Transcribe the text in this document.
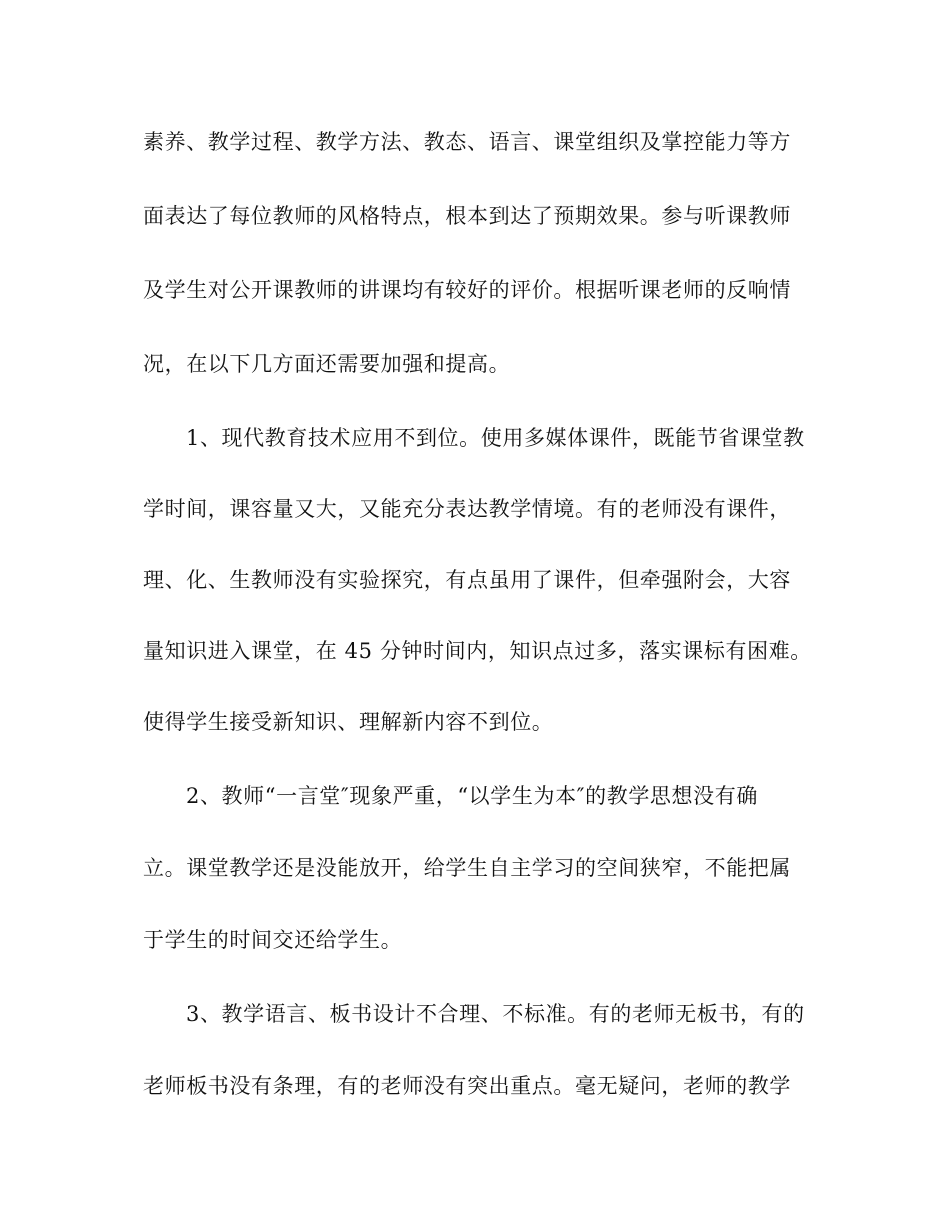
素养、教学过程、教学方法、教态、语言、课堂组织及掌控能力等方
面表达了每位教师的风格特点，根本到达了预期效果。参与听课教师
及学生对公开课教师的讲课均有较好的评价。根据听课老师的反响情
况，在以下几方面还需要加强和提高。
1、现代教育技术应用不到位。使用多媒体课件，既能节省课堂教
学时间，课容量又大，又能充分表达教学情境。有的老师没有课件，
理、化、生教师没有实验探究，有点虽用了课件，但牵强附会，大容
量知识进入课堂，在 45 分钟时间内，知识点过多，落实课标有困难。
使得学生接受新知识、理解新内容不到位。
2、教师“一言堂″现象严重，“以学生为本″的教学思想没有确
立。课堂教学还是没能放开，给学生自主学习的空间狭窄，不能把属
于学生的时间交还给学生。
3、教学语言、板书设计不合理、不标准。有的老师无板书，有的
老师板书没有条理，有的老师没有突出重点。毫无疑问，老师的教学
